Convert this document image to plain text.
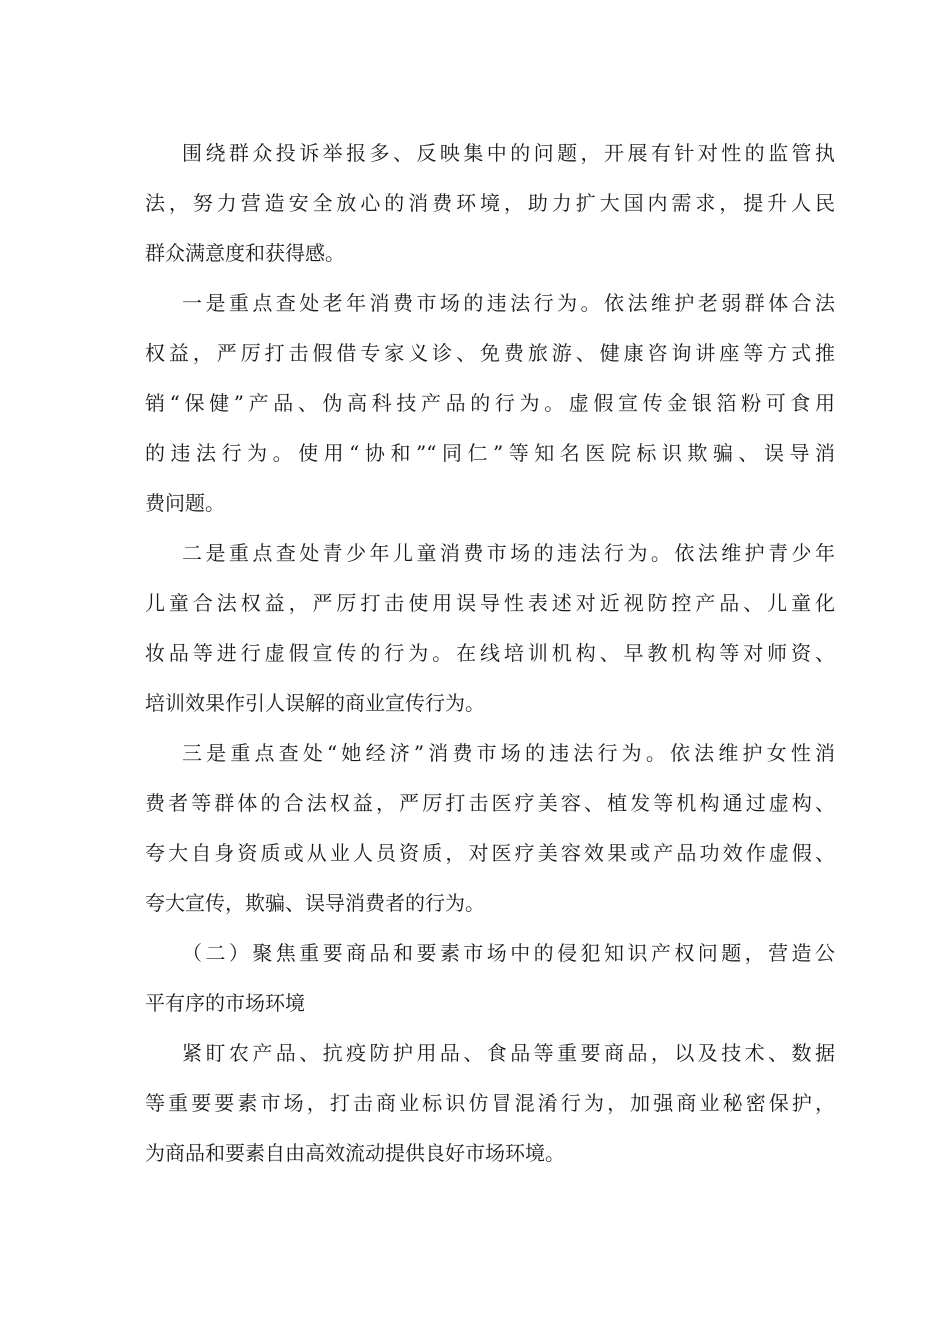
围绕群众投诉举报多、反映集中的问题，开展有针对性的监管执
法，努力营造安全放心的消费环境，助力扩大国内需求，提升人民
群众满意度和获得感。
一是重点查处老年消费市场的违法行为。依法维护老弱群体合法
权益，严厉打击假借专家义诊、免费旅游、健康咨询讲座等方式推
销“保健”产品、伪高科技产品的行为。虚假宣传金银箔粉可食用
的违法行为。使用“协和”“同仁”等知名医院标识欺骗、误导消
费问题。
二是重点查处青少年儿童消费市场的违法行为。依法维护青少年
儿童合法权益，严厉打击使用误导性表述对近视防控产品、儿童化
妆品等进行虚假宣传的行为。在线培训机构、早教机构等对师资、
培训效果作引人误解的商业宣传行为。
三是重点查处“她经济”消费市场的违法行为。依法维护女性消
费者等群体的合法权益，严厉打击医疗美容、植发等机构通过虚构、
夸大自身资质或从业人员资质，对医疗美容效果或产品功效作虚假、
夸大宣传，欺骗、误导消费者的行为。
（二）聚焦重要商品和要素市场中的侵犯知识产权问题，营造公
平有序的市场环境
紧盯农产品、抗疫防护用品、食品等重要商品，以及技术、数据
等重要要素市场，打击商业标识仿冒混淆行为，加强商业秘密保护，
为商品和要素自由高效流动提供良好市场环境。
